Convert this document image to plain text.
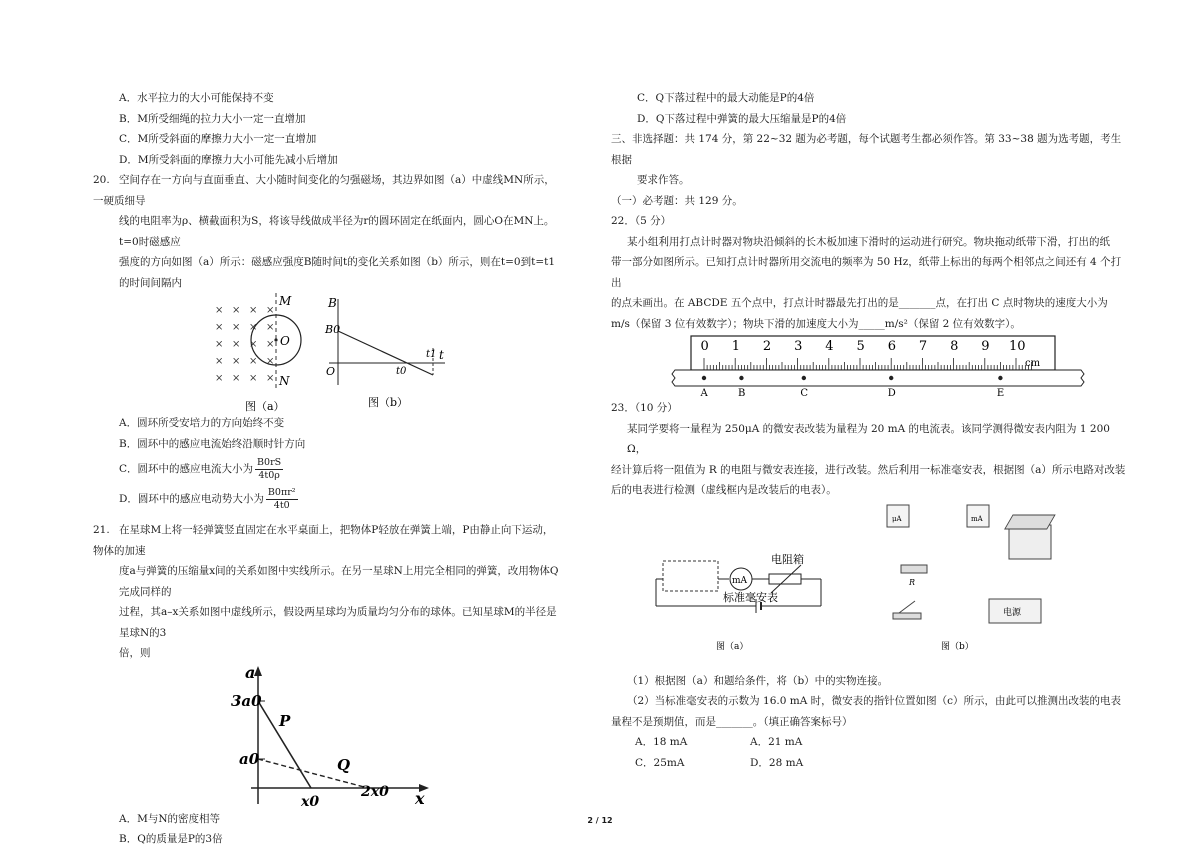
A．水平拉力的大小可能保持不变

B．M所受细绳的拉力大小一定一直增加

C．M所受斜面的摩擦力大小一定一直增加

D．M所受斜面的摩擦力大小可能先减小后增加

20. 空间存在一方向与直面垂直、大小随时间变化的匀强磁场，其边界如图（a）中虚线MN所示，一硬质细导

线的电阻率为ρ、横截面积为S，将该导线做成半径为r的圆环固定在纸面内，圆心O在MN上。t=0时磁感应

强度的方向如图（a）所示：磁感应强度B随时间t的变化关系如图（b）所示，则在t=0到t=t1的时间间隔内

× × × ×
× × × ×
× × × ×
× × × ×
× × × ×
O
M
N
图（a）
B
B0
O
t1 t
t0
图（b）

A．圆环所受安培力的方向始终不变

B．圆环中的感应电流始终沿顺时针方向

C．圆环中的感应电流大小为 $\frac{B0rS}{4t0\rho}$

D．圆环中的感应电动势大小为 $\frac{\text{B0πr²}}{4t0}$

21. 在星球M上将一轻弹簧竖直固定在水平桌面上，把物体P轻放在弹簧上端，P由静止向下运动，物体的加速

度a与弹簧的压缩量x间的关系如图中实线所示。在另一星球N上用完全相同的弹簧，改用物体Q完成同样的

过程，其a–x关系如图中虚线所示，假设两星球均为质量均匀分布的球体。已知星球M的半径是星球N的3

倍，则

a
3a0
a0
P
Q
x0
2x0 x

A．M与N的密度相等

B．Q的质量是P的3倍

C．Q下落过程中的最大动能是P的4倍

D．Q下落过程中弹簧的最大压缩量是P的4倍

三、非选择题：共 174 分，第 22~32 题为必考题，每个试题考生都必须作答。第 33~38 题为选考题，考生根据

要求作答。

（一）必考题：共 129 分。

22．（5 分）

某小组利用打点计时器对物块沿倾斜的长木板加速下滑时的运动进行研究。物块拖动纸带下滑，打出的纸

带一部分如图所示。已知打点计时器所用交流电的频率为 50 Hz，纸带上标出的每两个相邻点之间还有 4 个打出

的点未画出。在 ABCDE 五个点中，打点计时器最先打出的是_______点，在打出 C 点时物块的速度大小为

m/s（保留 3 位有效数字）；物块下滑的加速度大小为_____m/s²（保留 2 位有效数字）。

0 1 2 3 4 5 6 7 8 9 10
cm
A	B	C	D	E

23．（10 分）

某同学要将一量程为 250μA 的微安表改装为量程为 20 mA 的电流表。该同学测得微安表内阻为 1 200 Ω，

经计算后将一阻值为 R 的电阻与微安表连接，进行改装。然后利用一标准毫安表，根据图（a）所示电路对改装

后的电表进行检测（虚线框内是改装后的电表）。

mA
电阻箱
标准毫安表
图（a）
μA	mA
R
电源
图（b）

（1）根据图（a）和题给条件，将（b）中的实物连接。

（2）当标准毫安表的示数为 16.0 mA 时，微安表的指针位置如图（c）所示，由此可以推测出改装的电表

量程不是预期值，而是_______。（填正确答案标号）

A．18 mA	A．21 mA

C．25mA	D．28 mA

2 / 12
